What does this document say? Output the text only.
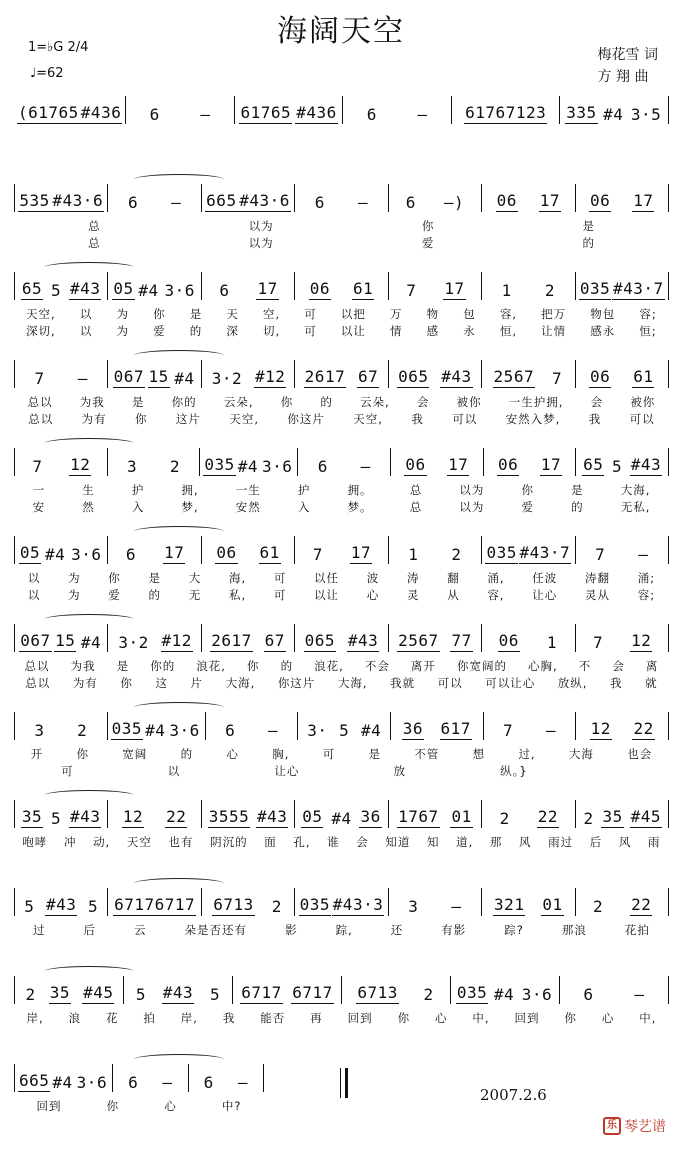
海阔天空
1=♭G 2/4
♩=62
梅花雪 词
方 翔 曲
(61765 #436 6	– 61765 #436 6	– 61767123 335 #4 3·5
535 #43·6 6 – 665 #43·6 6 – 6 –) 06 17 06 17
总	以为	你	是
总	以为	爱	的
65 5 #43 05 #4 3·6 6 17 06 61 7 17 1 2 035 #43·7
天空, 以 为 你 是 天 空, 可 以把 万 物 包 容, 把万 物包 容;
深切, 以 为 爱 的 深 切, 可 以让 情 感 永 恒, 让情 感永 恒;
7 – 067 15 #4 3·2 #12 2617 67 065 #43 2567 7 06 61
总以 为我 是 你的 云朵, 你 的 云朵, 会 被你 一生护拥, 会 被你
总以 为有 你 这片 天空, 你这片 天空, 我 可以 安然入梦, 我 可以
7 12 3 2 035 #4 3·6 6 – 06 17 06 17 65 5 #43
一	生	护	拥,	一生	护	拥。	总	以为	你	是	大海,
安	然	入	梦,	安然	入	梦。	总	以为	爱	的	无私,
05 #4 3·6 6 17 06 61 7 17 1 2 035 #43·7 7 –
以 为 你 是 大 海, 可 以任 波 涛 翻 涌, 任波 涛翻 涌;
以 为 爱 的 无 私, 可 以让 心 灵 从 容, 让心 灵从 容;
067 15 #4 3·2 #12 2617 67 065 #43 2567 77 06 1 7 12
总以 为我 是 你的 浪花, 你 的 浪花, 不会 离开 你宽阔的 心胸, 不 会 离
总以 为有 你 这 片 大海, 你这片 大海, 我就 可以 可以让心 放纵, 我 就
3 2 035 #4 3·6 6 – 3· 5 #4 36 617 7 – 12 22
开	你	宽阔	的	心	胸,	可	是	不管	想	过,	大海	也会
可	以	让心	放	纵。}
35 5 #43 12 22 3555 #43 05 #4 36 1767 01 2 22 2 35 #45
咆哮 冲 动, 天空 也有 阴沉的 面 孔, 谁 会 知道 知 道, 那 风 雨过 后 风 雨
5 #43 5 67176717 6713 2 035 #43·3 3 – 321 01 2 22
过	后	云	朵是否还有	影	踪,	还	有影	踪?	那浪	花拍
2 35 #45 5 #43 5 6717 6717 6713 2 035 #4 3·6 6	–
岸, 浪 花 拍 岸, 我 能否 再 回到 你 心 中, 回到 你 心 中,
665 #4 3·6 6 – 6 –
回到	你	心	中?
2007.2.6
乐 琴艺谱
